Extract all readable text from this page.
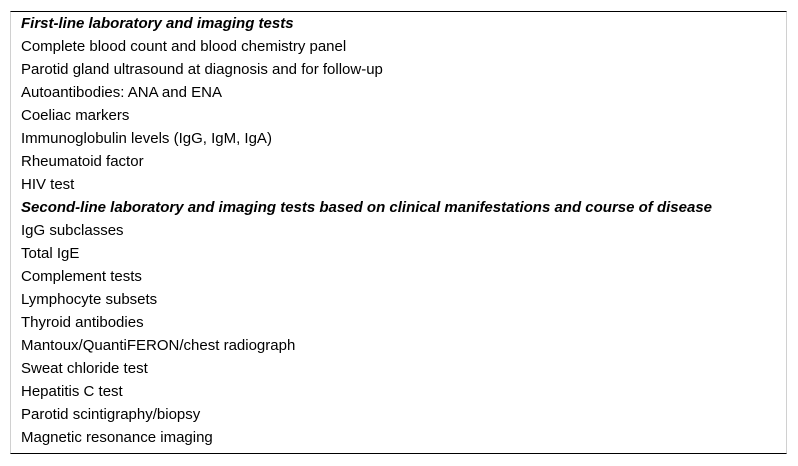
First-line laboratory and imaging tests
Complete blood count and blood chemistry panel
Parotid gland ultrasound at diagnosis and for follow-up
Autoantibodies: ANA and ENA
Coeliac markers
Immunoglobulin levels (IgG, IgM, IgA)
Rheumatoid factor
HIV test
Second-line laboratory and imaging tests based on clinical manifestations and course of disease
IgG subclasses
Total IgE
Complement tests
Lymphocyte subsets
Thyroid antibodies
Mantoux/QuantiFERON/chest radiograph
Sweat chloride test
Hepatitis C test
Parotid scintigraphy/biopsy
Magnetic resonance imaging
